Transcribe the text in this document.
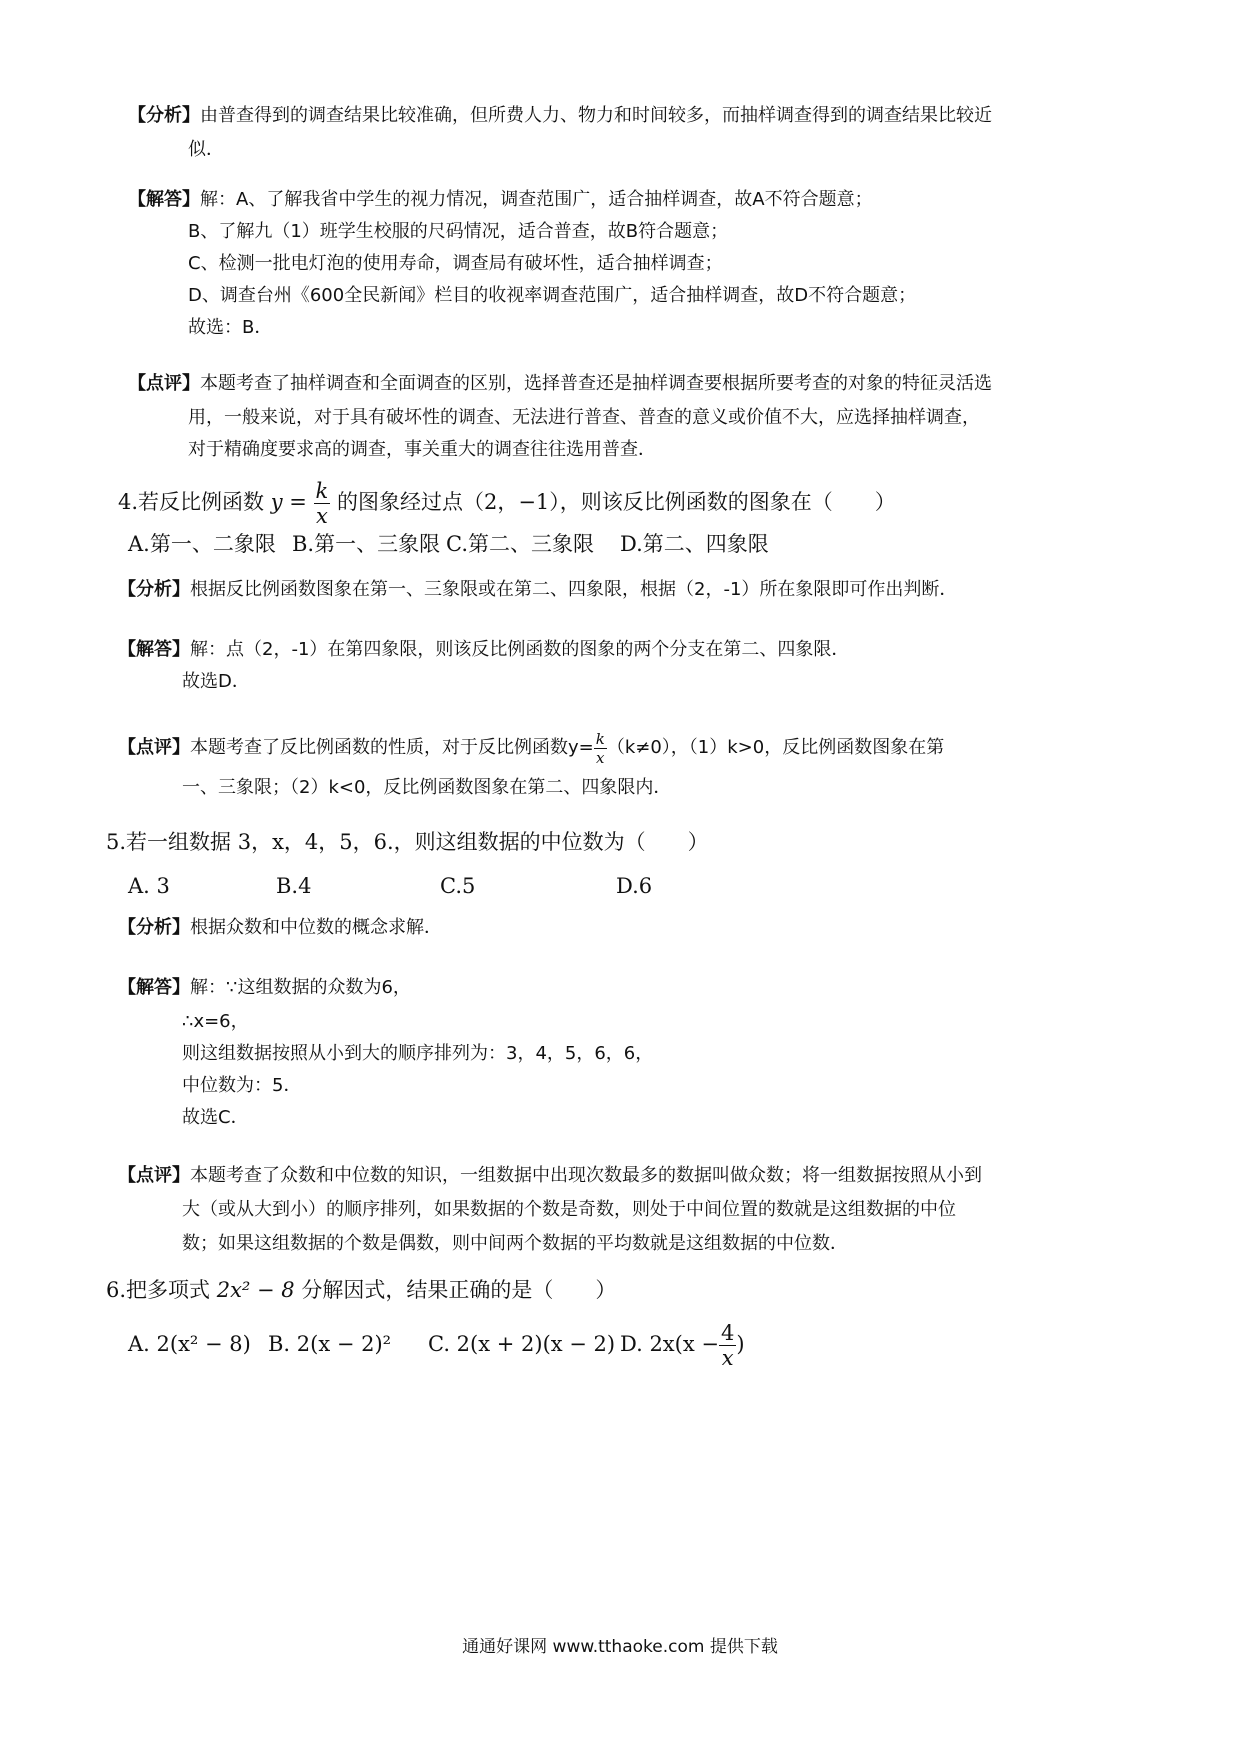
【分析】由普查得到的调查结果比较准确，但所费人力、物力和时间较多，而抽样调查得到的调查结果比较近
似．
【解答】解：A、了解我省中学生的视力情况，调查范围广，适合抽样调查，故A不符合题意；
B、了解九（1）班学生校服的尺码情况，适合普查，故B符合题意；
C、检测一批电灯泡的使用寿命，调查局有破坏性，适合抽样调查；
D、调查台州《600全民新闻》栏目的收视率调查范围广，适合抽样调查，故D不符合题意；
故选：B．
【点评】本题考查了抽样调查和全面调查的区别，选择普查还是抽样调查要根据所要考查的对象的特征灵活选
用，一般来说，对于具有破坏性的调查、无法进行普查、普查的意义或价值不大，应选择抽样调查，
对于精确度要求高的调查，事关重大的调查往往选用普查．
4.若反比例函数 $y = \frac{k}{x}$ 的图象经过点（2，−1），则该反比例函数的图象在（　　）
A.第一、二象限 B.第一、三象限 C.第二、三象限 D.第二、四象限
【分析】根据反比例函数图象在第一、三象限或在第二、四象限，根据（2，-1）所在象限即可作出判断．
【解答】解：点（2，-1）在第四象限，则该反比例函数的图象的两个分支在第二、四象限．
故选D．
【点评】本题考查了反比例函数的性质，对于反比例函数$y= \frac{k}{x} (k\ne 0)$，（1）k>0，反比例函数图象在第
一、三象限；（2）k<0，反比例函数图象在第二、四象限内．
5.若一组数据 3，x，4，5，6.，则这组数据的中位数为（　　）
A. 3	B.4	C.5	D.6
【分析】根据众数和中位数的概念求解．
【解答】解：∵这组数据的众数为6，
∴x=6，
则这组数据按照从小到大的顺序排列为：3，4，5，6，6，
中位数为：5．
故选C．
【点评】本题考查了众数和中位数的知识，一组数据中出现次数最多的数据叫做众数；将一组数据按照从小到
大（或从大到小）的顺序排列，如果数据的个数是奇数，则处于中间位置的数就是这组数据的中位
数；如果这组数据的个数是偶数，则中间两个数据的平均数就是这组数据的中位数．
6.把多项式 2x² − 8 分解因式，结果正确的是（　　）
A. 2(x² − 8) B. 2(x − 2)² C. 2(x + 2)(x − 2) D. $2x(x - \frac{4}{x}$ )
通通好课网 www.tthaoke.com 提供下载
